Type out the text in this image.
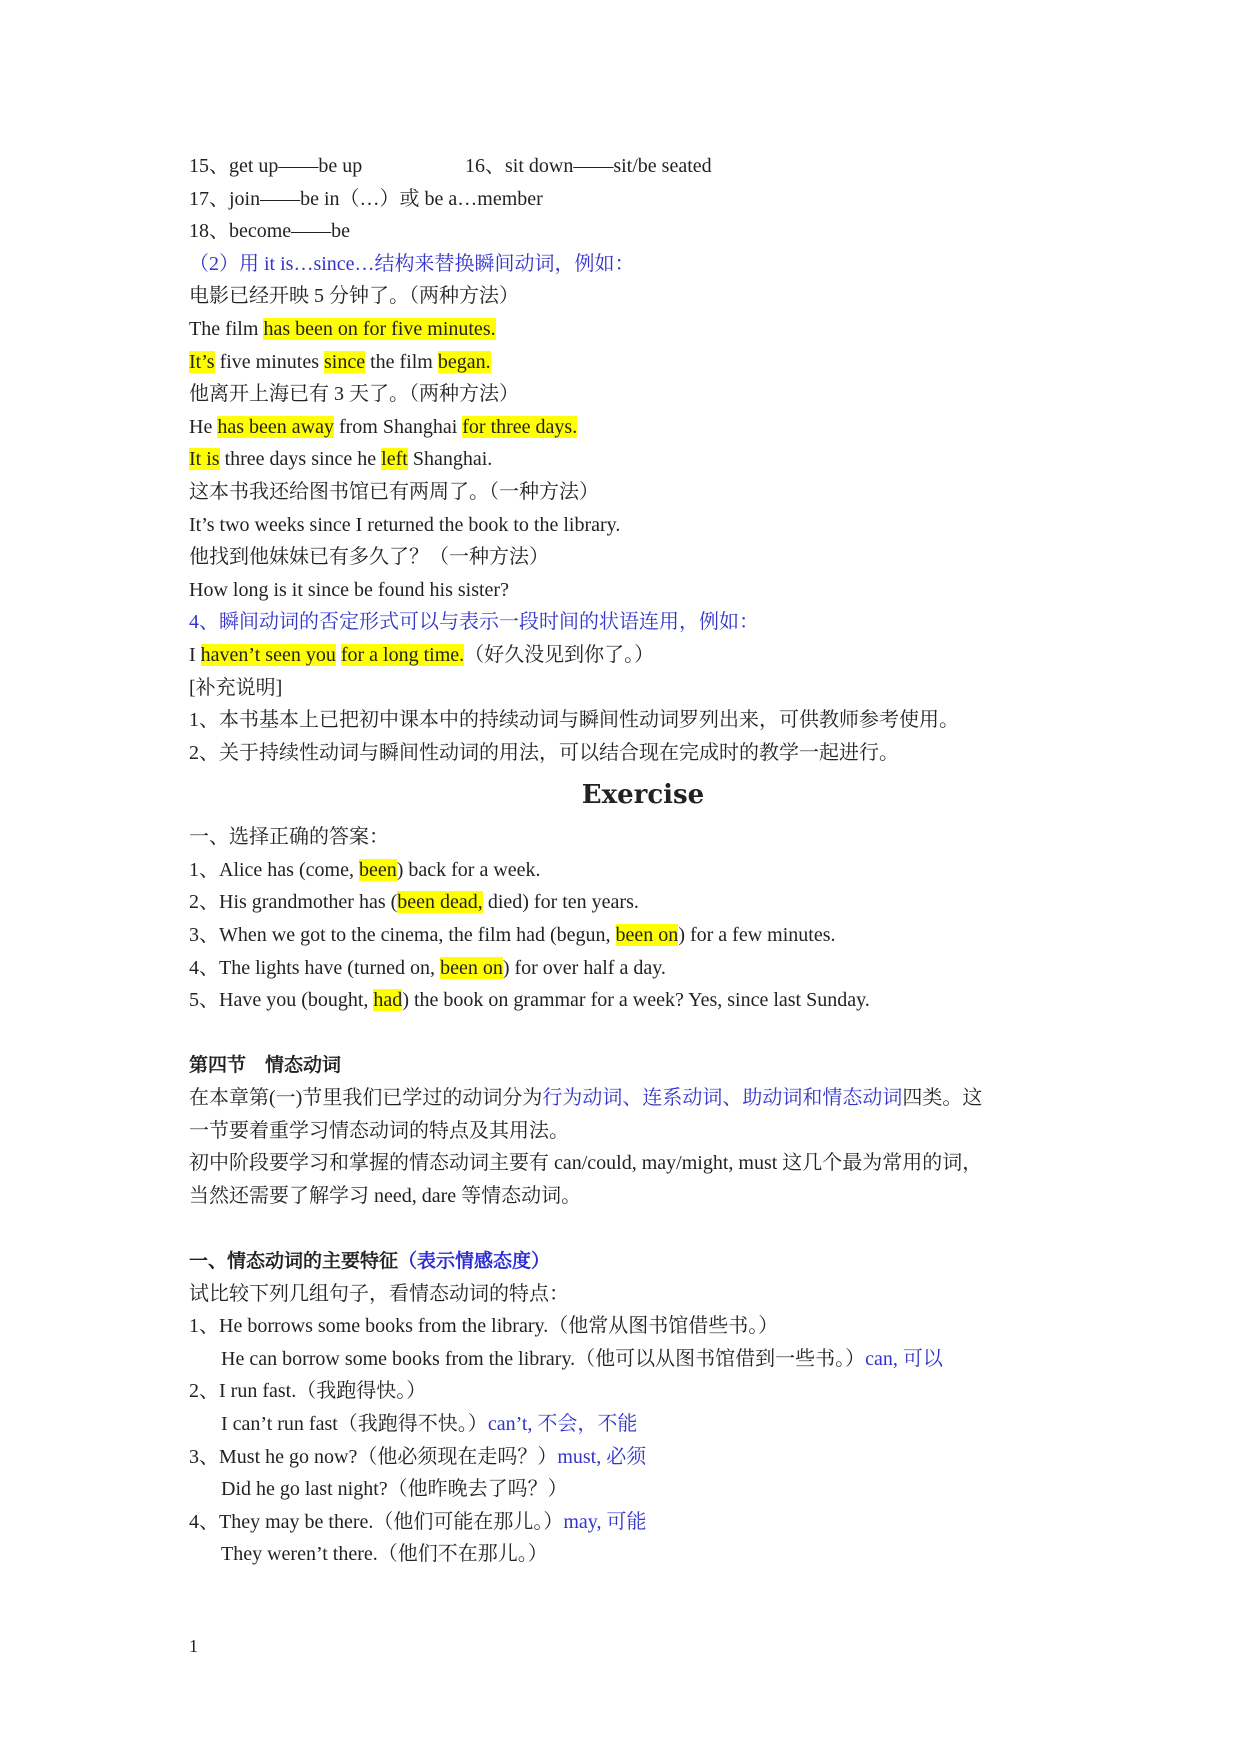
15、get up——be up	16、sit down——sit/be seated
17、join——be in（…）或 be a…member
18、become——be
（2）用 it is…since…结构来替换瞬间动词，例如：
电影已经开映 5 分钟了。（两种方法）
The film has been on for five minutes.
It’s five minutes since the film began.
他离开上海已有 3 天了。（两种方法）
He has been away from Shanghai for three days.
It is three days since he left Shanghai.
这本书我还给图书馆已有两周了。（一种方法）
It’s two weeks since I returned the book to the library.
他找到他妹妹已有多久了？（一种方法）
How long is it since be found his sister?
4、瞬间动词的否定形式可以与表示一段时间的状语连用，例如：
I haven’t seen you for a long time.（好久没见到你了。）
[补充说明]
1、本书基本上已把初中课本中的持续动词与瞬间性动词罗列出来，可供教师参考使用。
2、关于持续性动词与瞬间性动词的用法，可以结合现在完成时的教学一起进行。
Exercise
一、选择正确的答案：
1、Alice has (come, been) back for a week.
2、His grandmother has (been dead, died) for ten years.
3、When we got to the cinema, the film had (begun, been on) for a few minutes.
4、The lights have (turned on, been on) for over half a day.
5、Have you (bought, had) the book on grammar for a week? Yes, since last Sunday.
第四节　情态动词
在本章第(一)节里我们已学过的动词分为行为动词、连系动词、助动词和情态动词四类。这
一节要着重学习情态动词的特点及其用法。
初中阶段要学习和掌握的情态动词主要有 can/could, may/might, must 这几个最为常用的词，
当然还需要了解学习 need, dare 等情态动词。
一、情态动词的主要特征（表示情感态度）
试比较下列几组句子，看情态动词的特点：
1、He borrows some books from the library.（他常从图书馆借些书。）
He can borrow some books from the library.（他可以从图书馆借到一些书。）can, 可以
2、I run fast.（我跑得快。）
I can’t run fast（我跑得不快。）can’t, 不会，不能
3、Must he go now?（他必须现在走吗？）must, 必须
Did he go last night?（他昨晚去了吗？）
4、They may be there.（他们可能在那儿。）may, 可能
They weren’t there.（他们不在那儿。）
1
